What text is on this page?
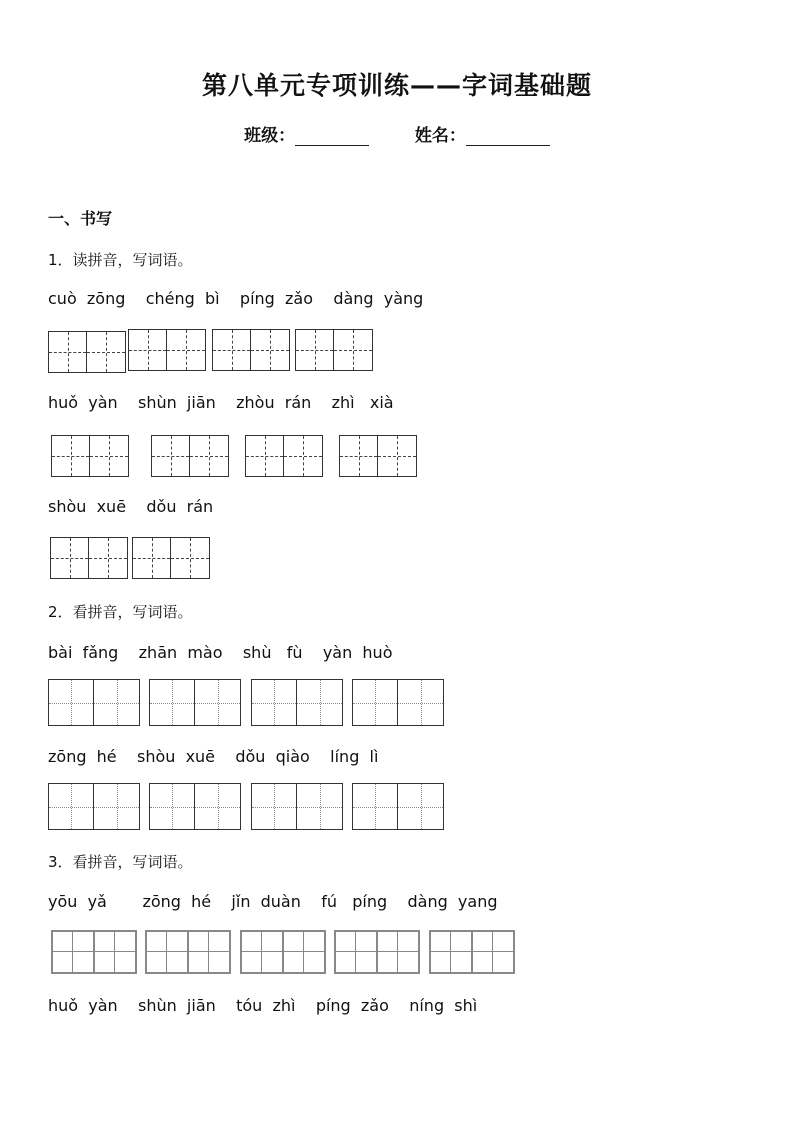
第八单元专项训练——字词基础题
班级：	姓名：
一、书写
1．读拼音，写词语。
cuò  zōng    chéng  bì    píng  zǎo    dàng  yàng
huǒ  yàn    shùn  jiān    zhòu  rán    zhì   xià
shòu  xuē    dǒu  rán
2．看拼音，写词语。
bài  fǎng    zhān  mào    shù   fù    yàn  huò
zōng  hé    shòu  xuē    dǒu  qiào    líng  lì
3．看拼音，写词语。
yōu  yǎ       zōng  hé    jǐn  duàn    fú   píng    dàng  yang
huǒ  yàn    shùn  jiān    tóu  zhì    píng  zǎo    níng  shì
